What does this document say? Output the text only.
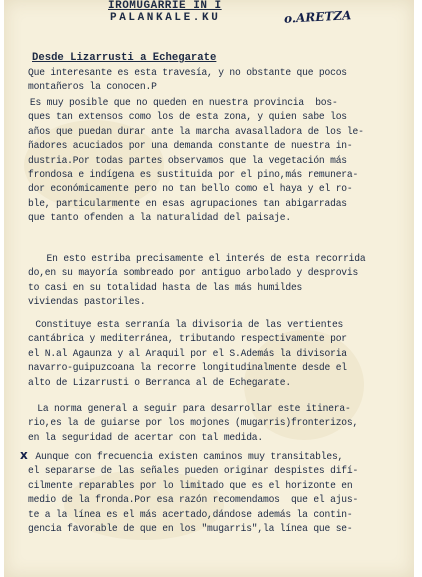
IROMUGARRIE IN I
PALANKALE.KU	o.ARETZA
Desde Lizarrusti a Echegarate
Que interesante es esta travesía, y no obstante que pocos
montañeros la conocen.P
Es muy posible que no queden en nuestra provincia  bos-
ques tan extensos como los de esta zona, y quien sabe los
años que puedan durar ante la marcha avasalladora de los le-
ñadores acuciados por una demanda constante de nuestra in-
dustria.Por todas partes observamos que la vegetación más
frondosa e indígena es sustituida por el pino,más remunera-
dor económicamente pero no tan bello como el haya y el ro-
ble, particularmente en esas agrupaciones tan abigarradas
que tanto ofenden a la naturalidad del paisaje.
En esto estriba precisamente el interés de esta recorrida
do,en su mayoría sombreado por antiguo arbolado y desprovis
to casi en su totalidad hasta de las más humildes
viviendas pastoriles.
Constituye esta serranía la divisoria de las vertientes
cantábrica y mediterránea, tributando respectivamente por
el N.al Agaunza y al Araquil por el S.Además la divisoria
navarro-guipuzcoana la recorre longitudinalmente desde el
alto de Lizarrusti o Berranca al de Echegarate.
La norma general a seguir para desarrollar este itinera-
rio,es la de guiarse por los mojones (mugarris)fronterizos,
en la seguridad de acertar con tal medida.
x Aunque con frecuencia existen caminos muy transitables,
el separarse de las señales pueden originar despistes difí-
cilmente reparables por lo limitado que es el horizonte en
medio de la fronda.Por esa razón recomendamos  que el ajus-
te a la línea es el más acertado,dándose además la contin-
gencia favorable de que en los "mugarris",la línea que se-
